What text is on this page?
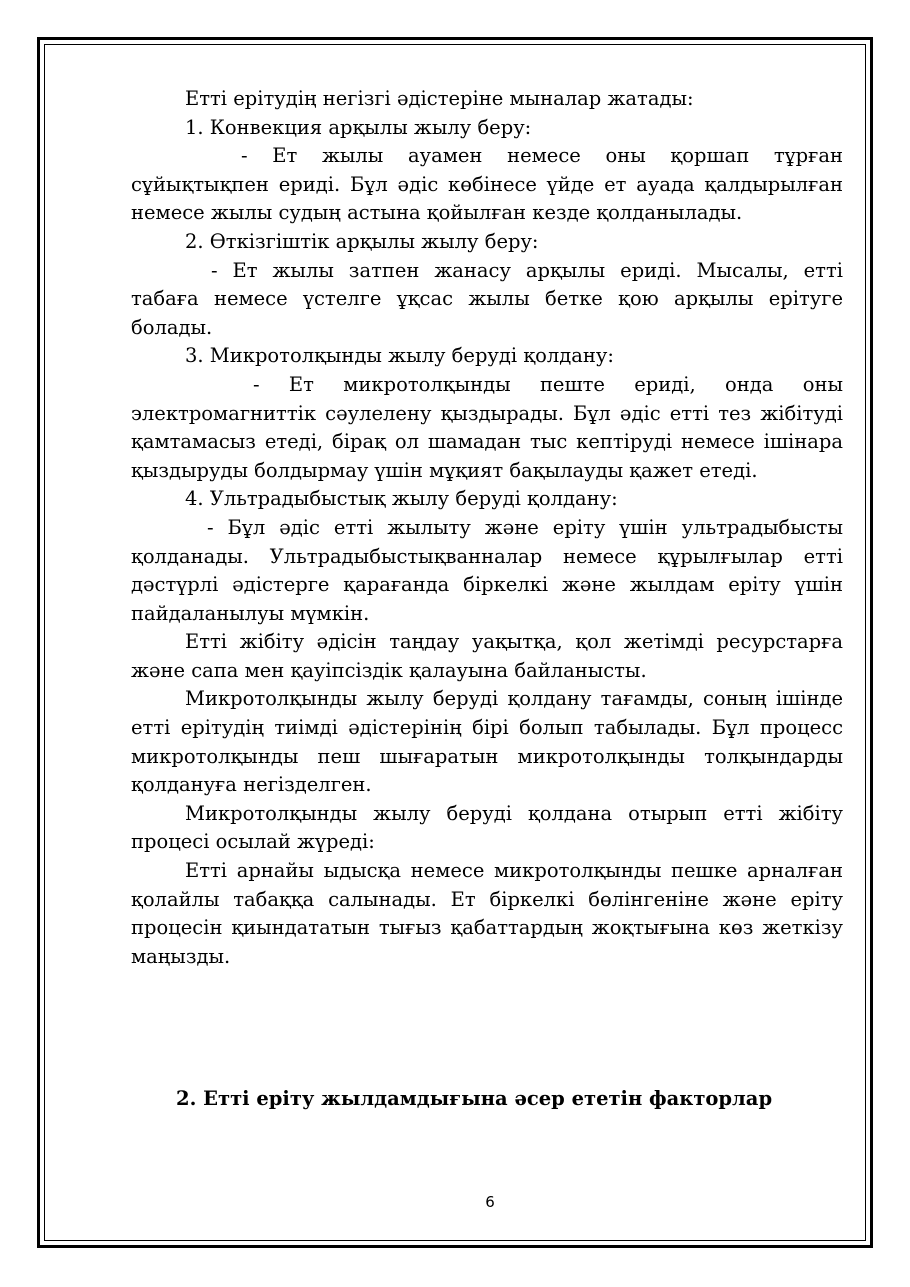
Етті ерітудің негізгі әдістеріне мыналар жатады:

1. Конвекция арқылы жылу беру:

- Ет жылы ауамен немесе оны қоршап тұрған сұйықтықпен ериді. Бұл әдіс көбінесе үйде ет ауада қалдырылған немесе жылы судың астына қойылған кезде қолданылады.

2. Өткізгіштік арқылы жылу беру:

- Ет жылы затпен жанасу арқылы ериді. Мысалы, етті табаға немесе үстелге ұқсас жылы бетке қою арқылы ерітуге болады.

3. Микротолқынды жылу беруді қолдану:

- Ет микротолқынды пеште ериді, онда оны электромагниттік сәулелену қыздырады. Бұл әдіс етті тез жібітуді қамтамасыз етеді, бірақ ол шамадан тыс кептіруді немесе ішінара қыздыруды болдырмау үшін мұқият бақылауды қажет етеді.

4. Ультрадыбыстық жылу беруді қолдану:

- Бұл әдіс етті жылыту және еріту үшін ультрадыбысты қолданады. Ультрадыбыстықванналар немесе құрылғылар етті дәстүрлі әдістерге қарағанда біркелкі және жылдам еріту үшін пайдаланылуы мүмкін.

Етті жібіту әдісін таңдау уақытқа, қол жетімді ресурстарға және сапа мен қауіпсіздік қалауына байланысты.

Микротолқынды жылу беруді қолдану тағамды, соның ішінде етті ерітудің тиімді әдістерінің бірі болып табылады. Бұл процесс микротолқынды пеш шығаратын микротолқынды толқындарды қолдануға негізделген.

Микротолқынды жылу беруді қолдана отырып етті жібіту процесі осылай жүреді:

Етті арнайы ыдысқа немесе микротолқынды пешке арналған қолайлы табаққа салынады. Ет біркелкі бөлінгеніне және еріту процесін қиындататын тығыз қабаттардың жоқтығына көз жеткізу маңызды.

2. Етті еріту жылдамдығына әсер ететін факторлар
6
